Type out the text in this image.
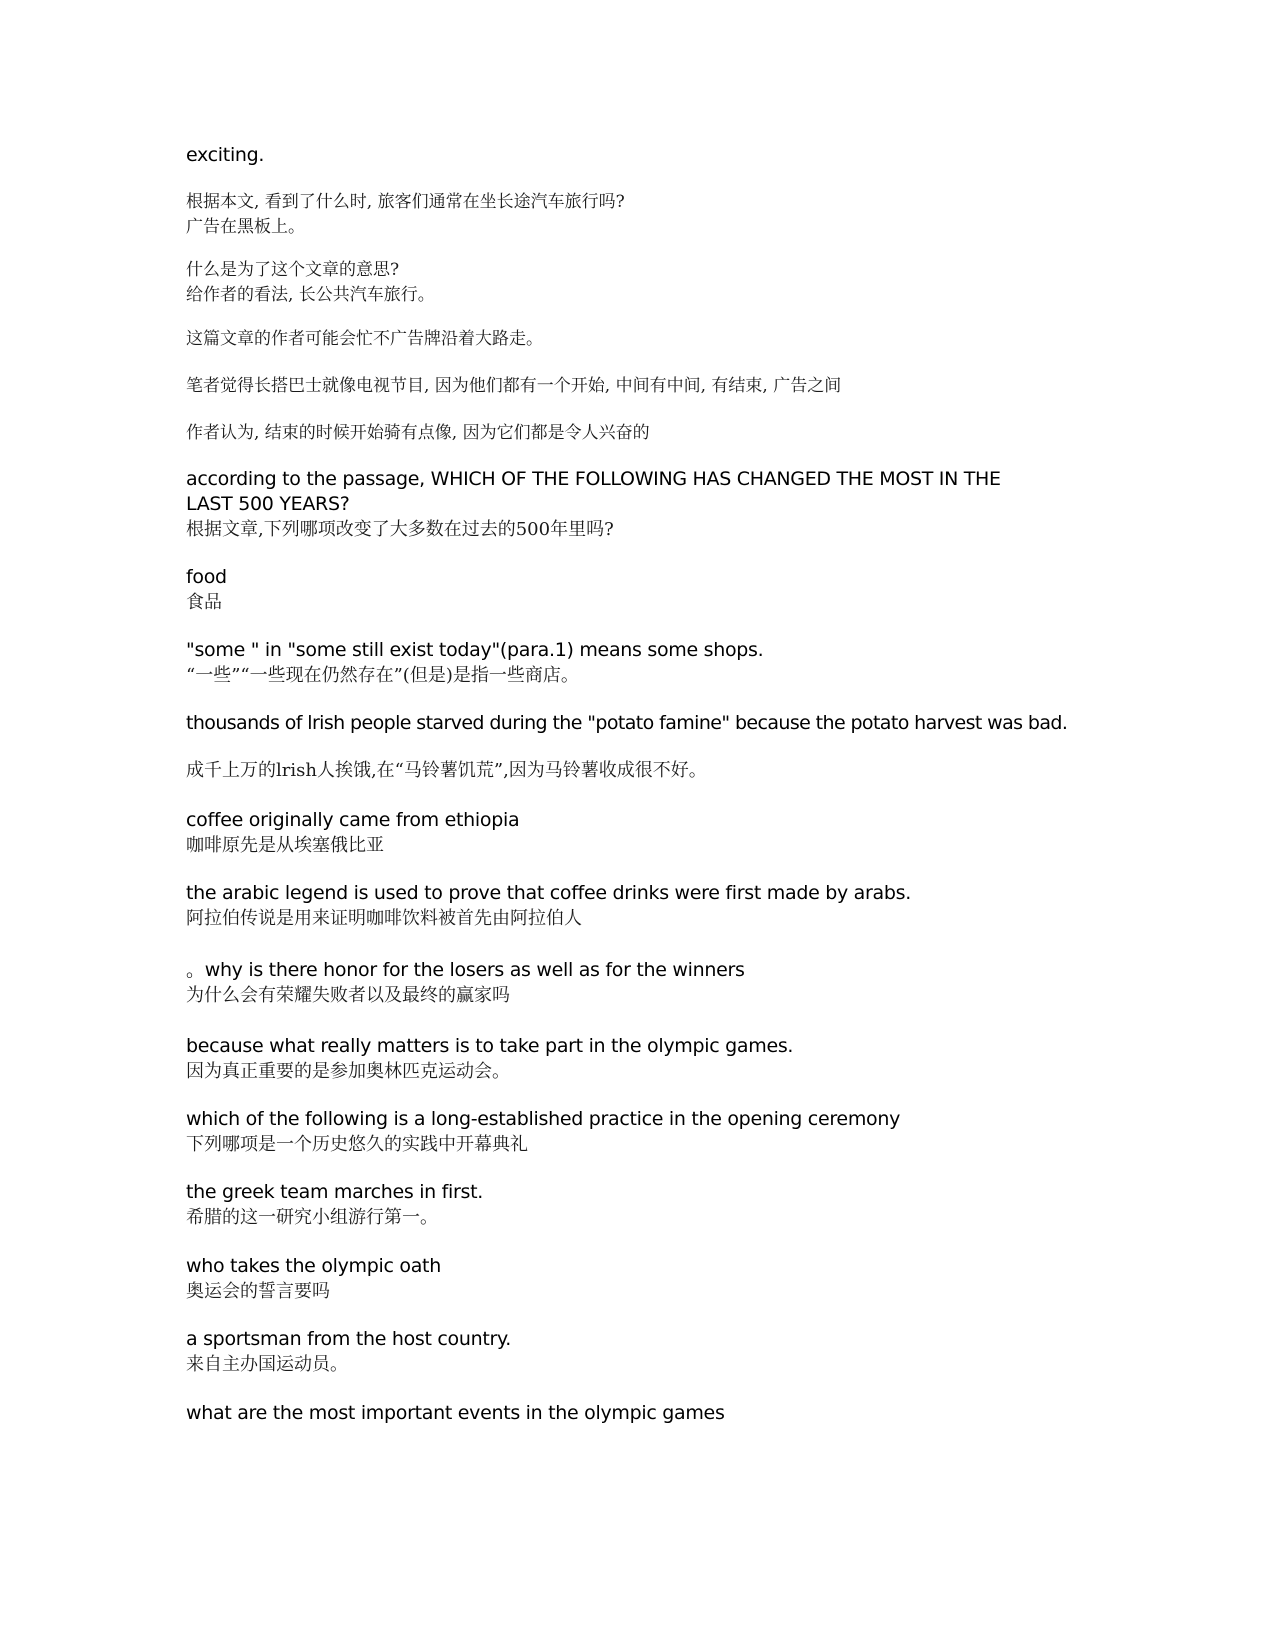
exciting.

根据本文, 看到了什么时, 旅客们通常在坐长途汽车旅行吗?
广告在黑板上。

什么是为了这个文章的意思?
给作者的看法, 长公共汽车旅行。

这篇文章的作者可能会忙不广告牌沿着大路走。

笔者觉得长搭巴士就像电视节目, 因为他们都有一个开始, 中间有中间, 有结束, 广告之间

作者认为, 结束的时候开始骑有点像, 因为它们都是令人兴奋的

according to the passage, WHICH OF THE FOLLOWING HAS CHANGED THE MOST IN THE LAST 500 YEARS?
根据文章,下列哪项改变了大多数在过去的500年里吗?

food
食品

"some " in "some still exist today"(para.1) means some shops.
“一些”“一些现在仍然存在”(但是)是指一些商店。

thousands of lrish people starved during the "potato famine" because the potato harvest was bad.

成千上万的lrish人挨饿,在“马铃薯饥荒”,因为马铃薯收成很不好。

coffee originally came from ethiopia
咖啡原先是从埃塞俄比亚

the arabic legend is used to prove that coffee drinks were first made by arabs.
阿拉伯传说是用来证明咖啡饮料被首先由阿拉伯人

。why is there honor for the losers as well as for the winners
为什么会有荣耀失败者以及最终的赢家吗

because what really matters is to take part in the olympic games.
因为真正重要的是参加奥林匹克运动会。

which of the following is a long-established practice in the opening ceremony
下列哪项是一个历史悠久的实践中开幕典礼

the greek team marches in first.
希腊的这一研究小组游行第一。

who takes the olympic oath
奥运会的誓言要吗

a sportsman from the host country.
来自主办国运动员。

what are the most important events in the olympic games
